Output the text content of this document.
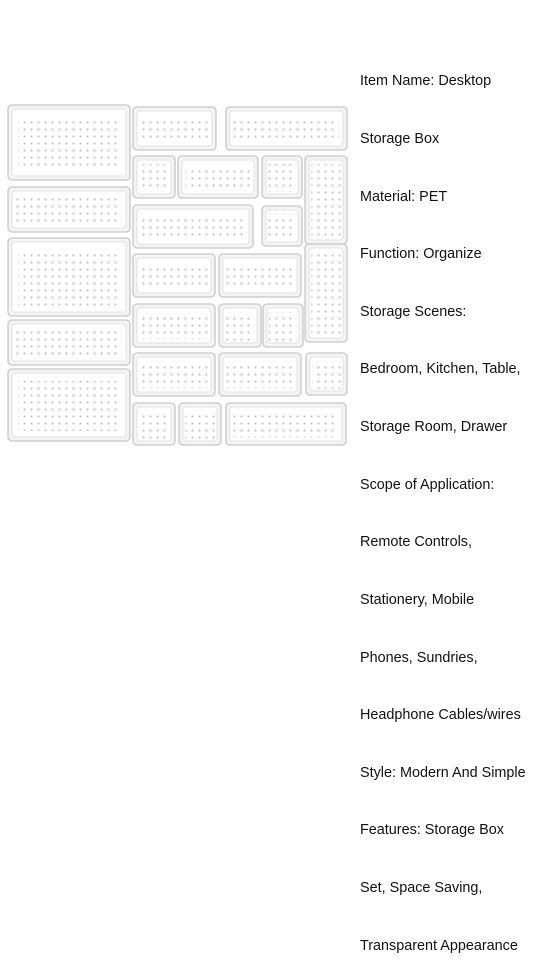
Item Name: Desktop

Storage Box

Material: PET

Function: Organize

Storage Scenes:

Bedroom, Kitchen, Table,

Storage Room, Drawer

Scope of Application:

Remote Controls,

Stationery, Mobile

Phones, Sundries,

Headphone Cables/wires

Style: Modern And Simple

Features: Storage Box

Set, Space Saving,

Transparent Appearance
